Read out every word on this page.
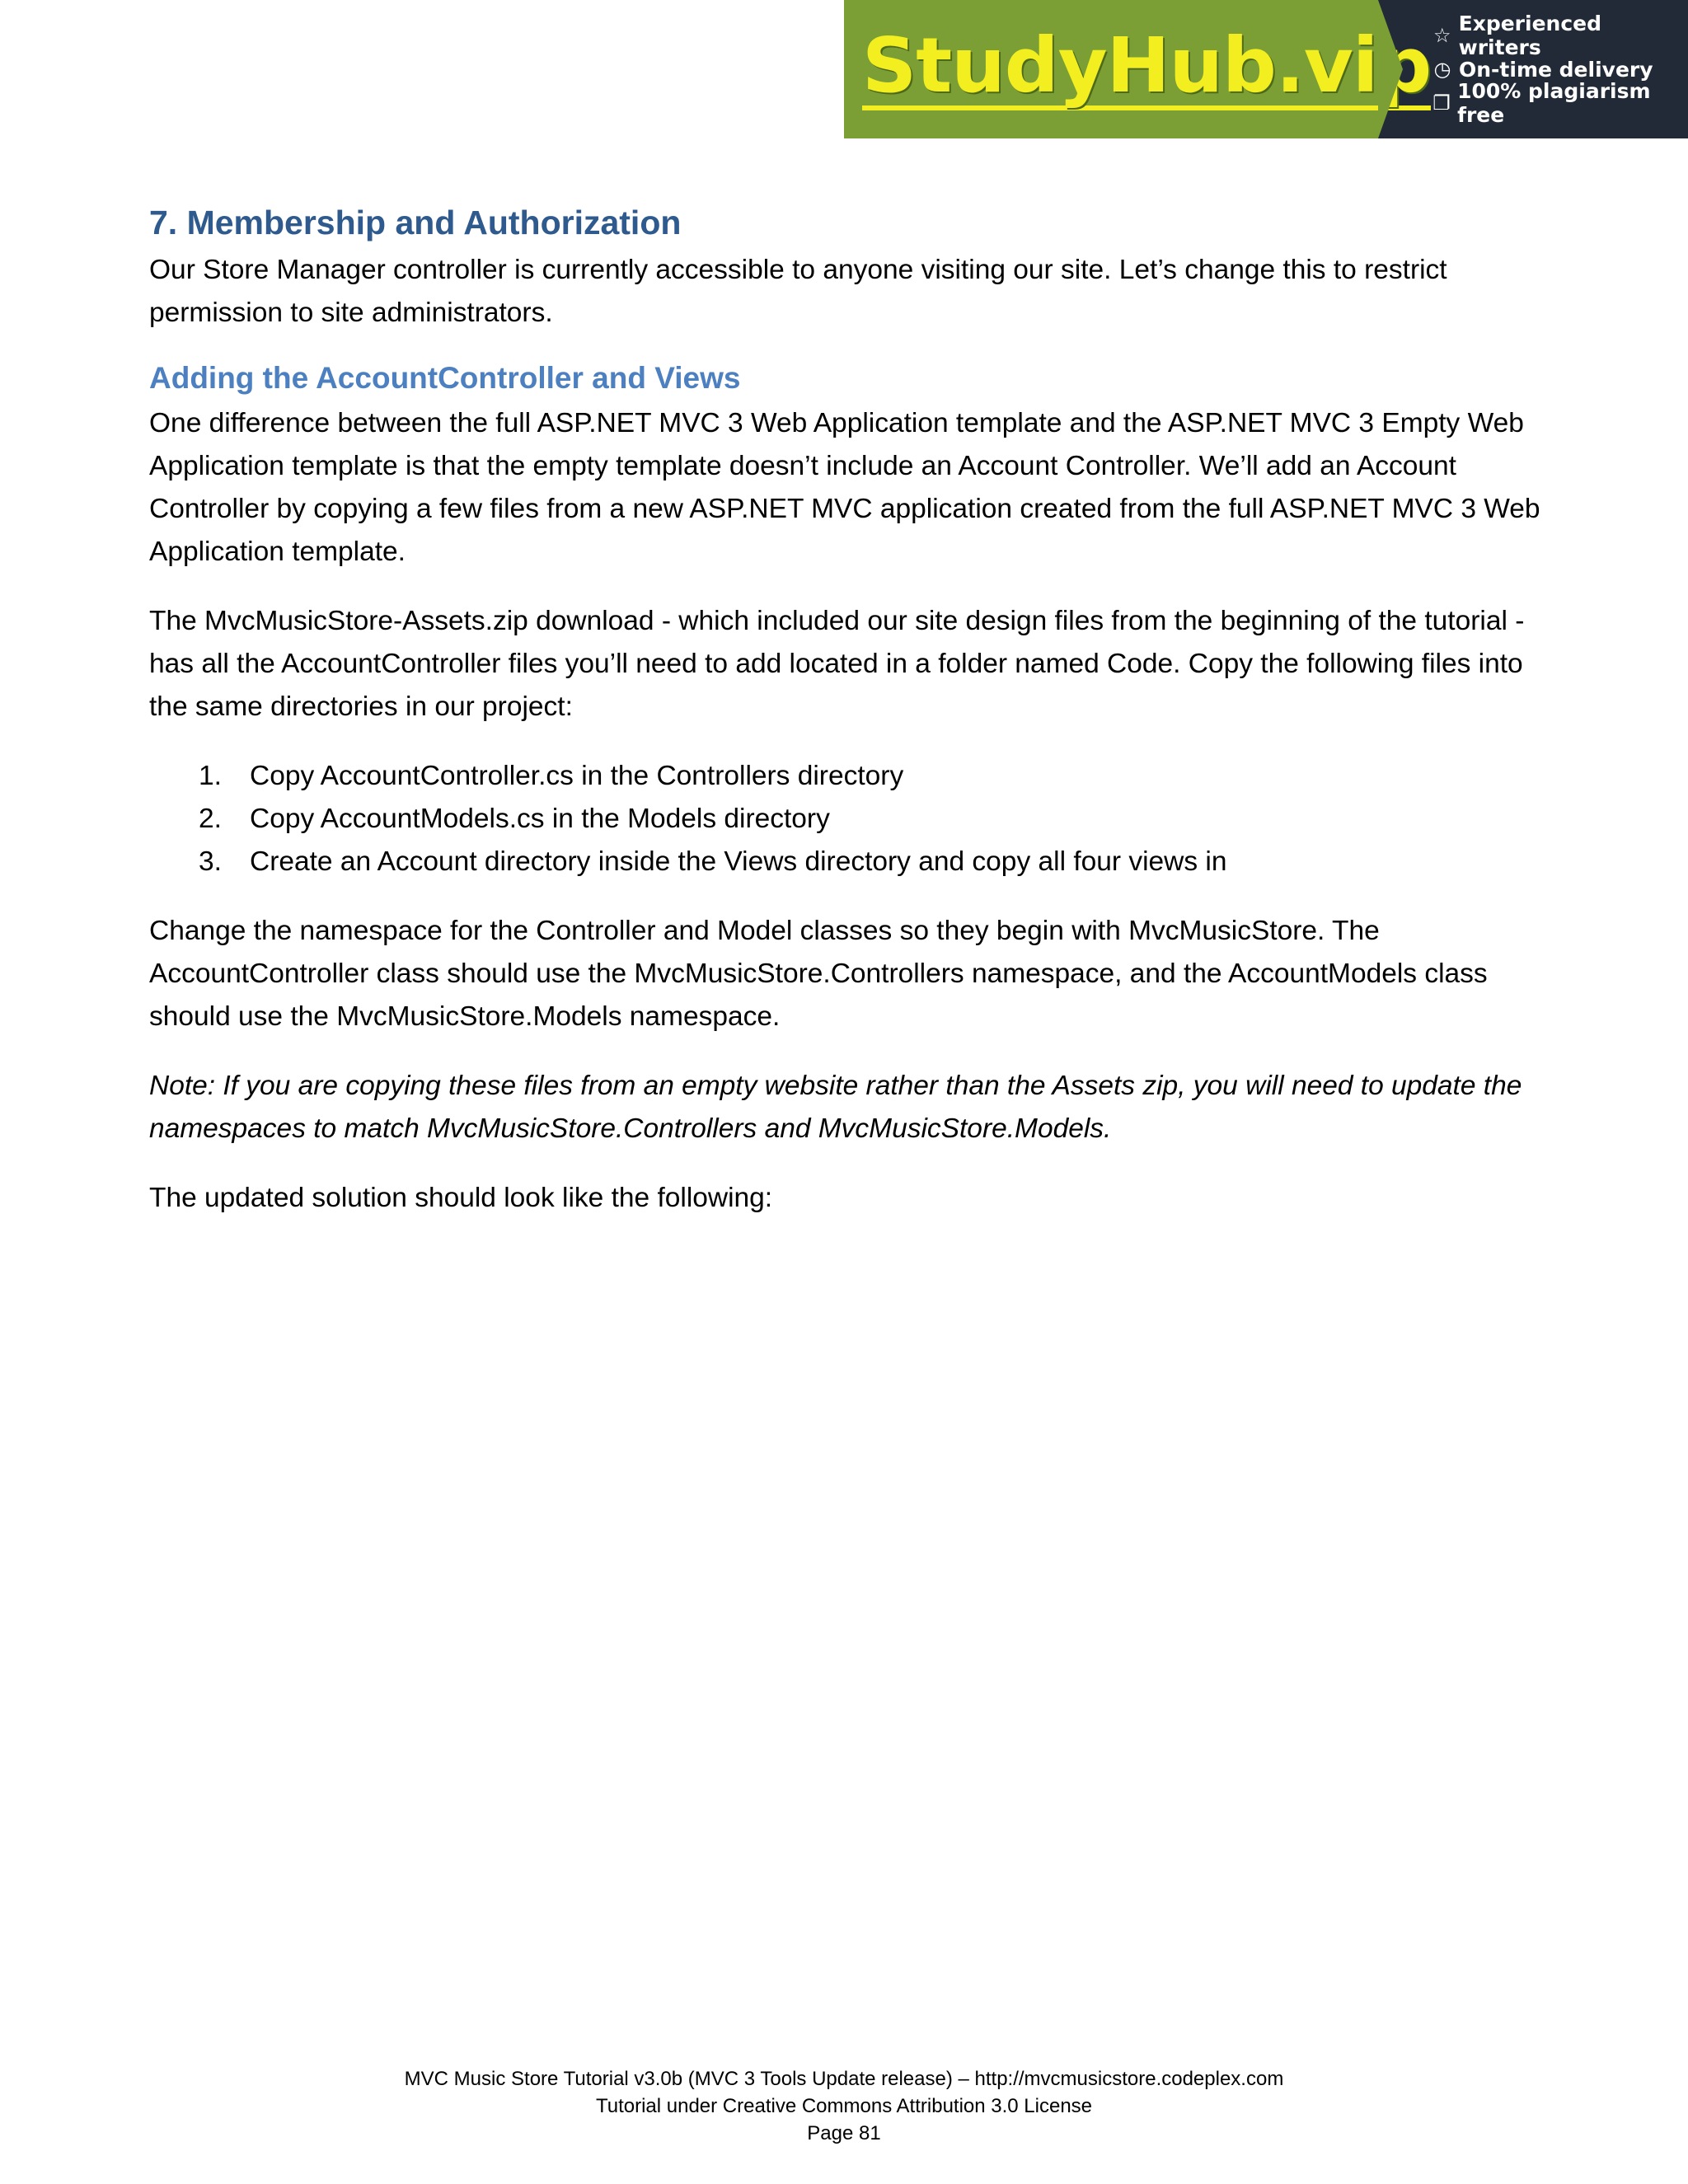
StudyHub.vip ☆ Experienced writers
◷ On-time delivery
❐ 100% plagiarism free
7. Membership and Authorization

Our Store Manager controller is currently accessible to anyone visiting our site. Let’s change this to restrict permission to site administrators.

Adding the AccountController and Views

One difference between the full ASP.NET MVC 3 Web Application template and the ASP.NET MVC 3 Empty Web Application template is that the empty template doesn’t include an Account Controller. We’ll add an Account Controller by copying a few files from a new ASP.NET MVC application created from the full ASP.NET MVC 3 Web Application template.

The MvcMusicStore-Assets.zip download - which included our site design files from the beginning of the tutorial - has all the AccountController files you’ll need to add located in a folder named Code. Copy the following files into the same directories in our project:

1.	Copy AccountController.cs in the Controllers directory
2.	Copy AccountModels.cs in the Models directory
3.	Create an Account directory inside the Views directory and copy all four views in

Change the namespace for the Controller and Model classes so they begin with MvcMusicStore. The AccountController class should use the MvcMusicStore.Controllers namespace, and the AccountModels class should use the MvcMusicStore.Models namespace.

Note: If you are copying these files from an empty website rather than the Assets zip, you will need to update the namespaces to match MvcMusicStore.Controllers and MvcMusicStore.Models.

The updated solution should look like the following:

MVC Music Store Tutorial v3.0b (MVC 3 Tools Update release) – http://mvcmusicstore.codeplex.com
Tutorial under Creative Commons Attribution 3.0 License
Page 81
